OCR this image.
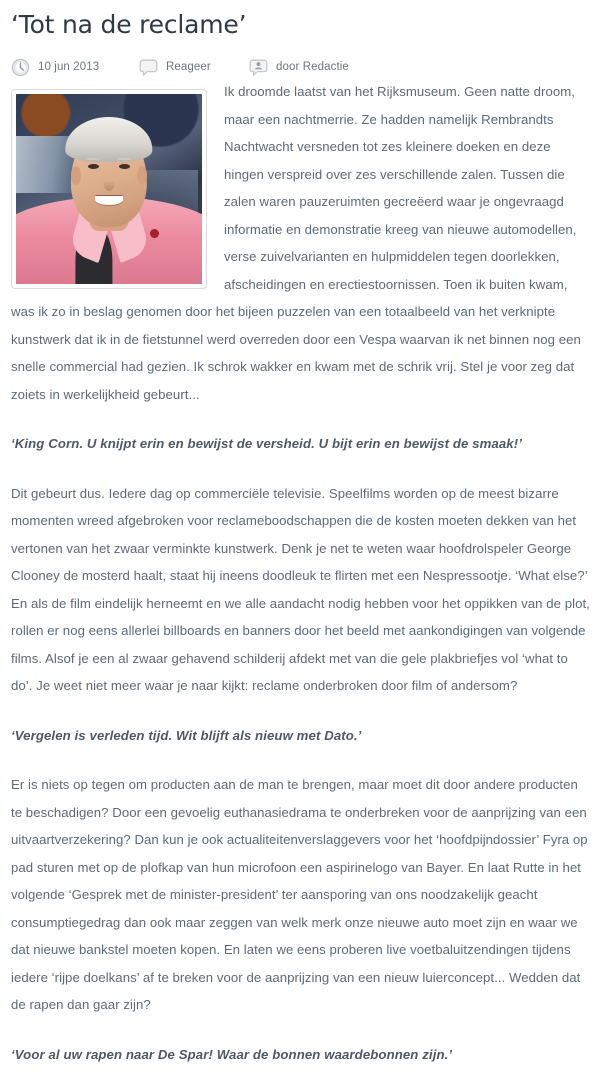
‘Tot na de reclame’
10 jun 2013	Reageer	door Redactie

Ik droomde laatst van het Rijksmuseum. Geen natte droom, maar een nachtmerrie. Ze hadden namelijk Rembrandts Nachtwacht versneden tot zes kleinere doeken en deze hingen verspreid over zes verschillende zalen. Tussen die zalen waren pauzeruimten gecreëerd waar je ongevraagd informatie en demonstratie kreeg van nieuwe automodellen, verse zuivelvarianten en hulpmiddelen tegen doorlekken, afscheidingen en erectiestoornissen. Toen ik buiten kwam, was ik zo in beslag genomen door het bijeen puzzelen van een totaalbeeld van het verknipte kunstwerk dat ik in de fietstunnel werd overreden door een Vespa waarvan ik net binnen nog een snelle commercial had gezien. Ik schrok wakker en kwam met de schrik vrij. Stel je voor zeg dat zoiets in werkelijkheid gebeurt...

‘King Corn. U knijpt erin en bewijst de versheid. U bijt erin en bewijst de smaak!’

Dit gebeurt dus. Iedere dag op commerciële televisie. Speelfilms worden op de meest bizarre momenten wreed afgebroken voor reclameboodschappen die de kosten moeten dekken van het vertonen van het zwaar verminkte kunstwerk. Denk je net te weten waar hoofdrolspeler George Clooney de mosterd haalt, staat hij ineens doodleuk te flirten met een Nespressootje. ‘What else?’ En als de film eindelijk herneemt en we alle aandacht nodig hebben voor het oppikken van de plot, rollen er nog eens allerlei billboards en banners door het beeld met aankondigingen van volgende films. Alsof je een al zwaar gehavend schilderij afdekt met van die gele plakbriefjes vol ‘what to do’. Je weet niet meer waar je naar kijkt: reclame onderbroken door film of andersom?

‘Vergelen is verleden tijd. Wit blijft als nieuw met Dato.’

Er is niets op tegen om producten aan de man te brengen, maar moet dit door andere producten te beschadigen? Door een gevoelig euthanasiedrama te onderbreken voor de aanprijzing van een uitvaartverzekering? Dan kun je ook actualiteitenverslaggevers voor het ‘hoofdpijndossier’ Fyra op pad sturen met op de plofkap van hun microfoon een aspirinelogo van Bayer. En laat Rutte in het volgende ‘Gesprek met de minister-president’ ter aansporing van ons noodzakelijk geacht consumptiegedrag dan ook maar zeggen van welk merk onze nieuwe auto moet zijn en waar we dat nieuwe bankstel moeten kopen. En laten we eens proberen live voetbaluitzendingen tijdens iedere ‘rijpe doelkans’ af te breken voor de aanprijzing van een nieuw luierconcept... Wedden dat de rapen dan gaar zijn?

‘Voor al uw rapen naar De Spar! Waar de bonnen waardebonnen zijn.’
